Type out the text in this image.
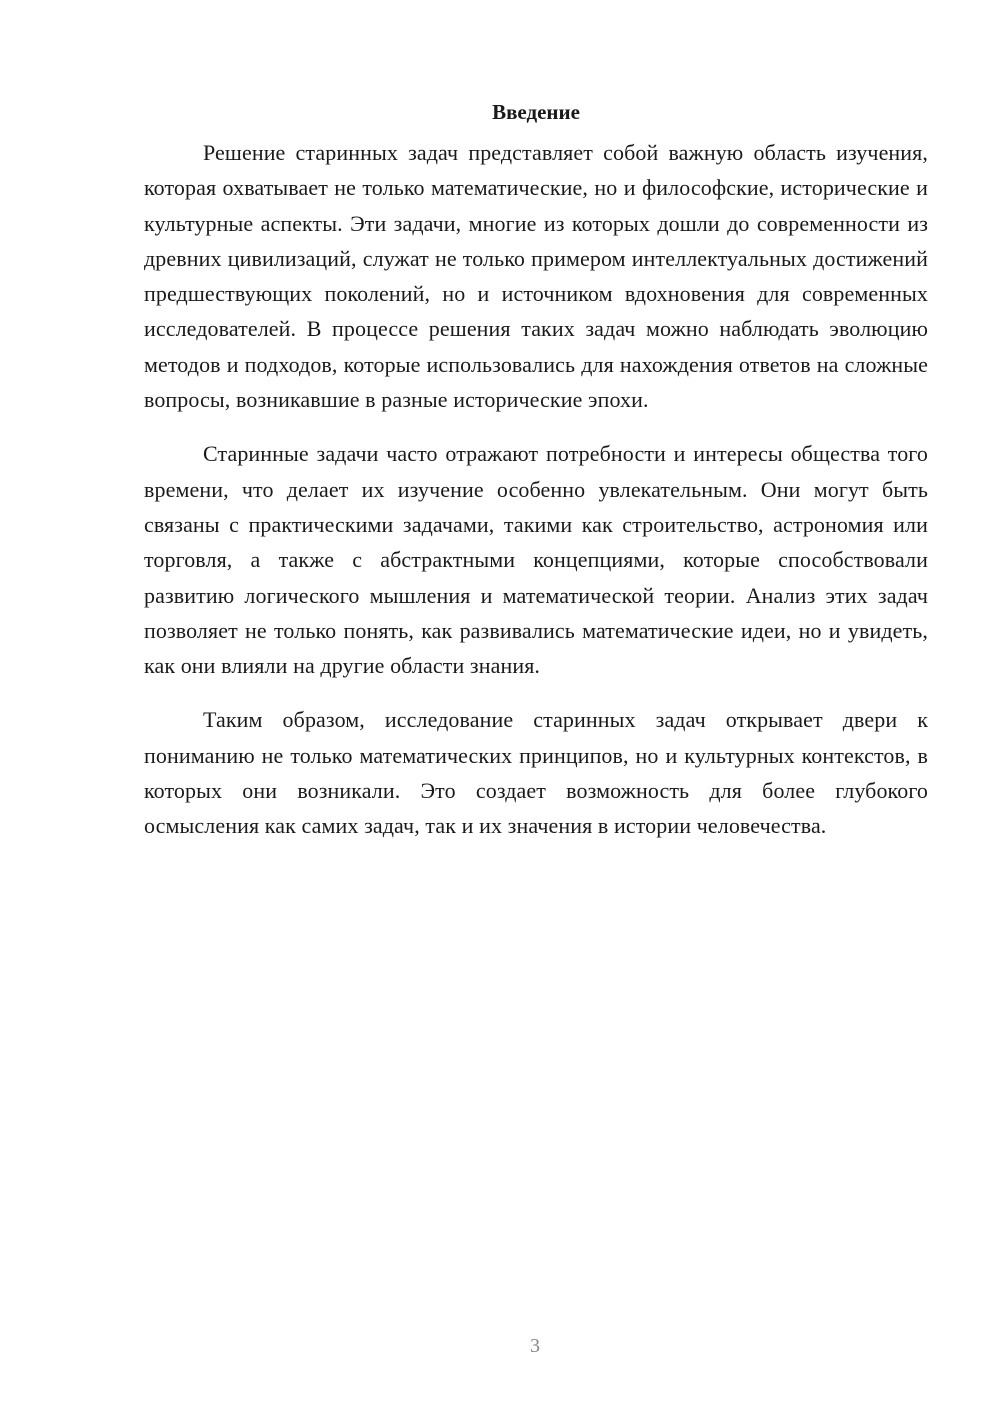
Введение

Решение старинных задач представляет собой важную область изучения, которая охватывает не только математические, но и философские, исторические и культурные аспекты. Эти задачи, многие из которых дошли до современности из древних цивилизаций, служат не только примером интеллектуальных достижений предшествующих поколений, но и источником вдохновения для современных исследователей. В процессе решения таких задач можно наблюдать эволюцию методов и подходов, которые использовались для нахождения ответов на сложные вопросы, возникавшие в разные исторические эпохи.

Старинные задачи часто отражают потребности и интересы общества того времени, что делает их изучение особенно увлекательным. Они могут быть связаны с практическими задачами, такими как строительство, астрономия или торговля, а также с абстрактными концепциями, которые способствовали развитию логического мышления и математической теории. Анализ этих задач позволяет не только понять, как развивались математические идеи, но и увидеть, как они влияли на другие области знания.

Таким образом, исследование старинных задач открывает двери к пониманию не только математических принципов, но и культурных контекстов, в которых они возникали. Это создает возможность для более глубокого осмысления как самих задач, так и их значения в истории человечества.

3
